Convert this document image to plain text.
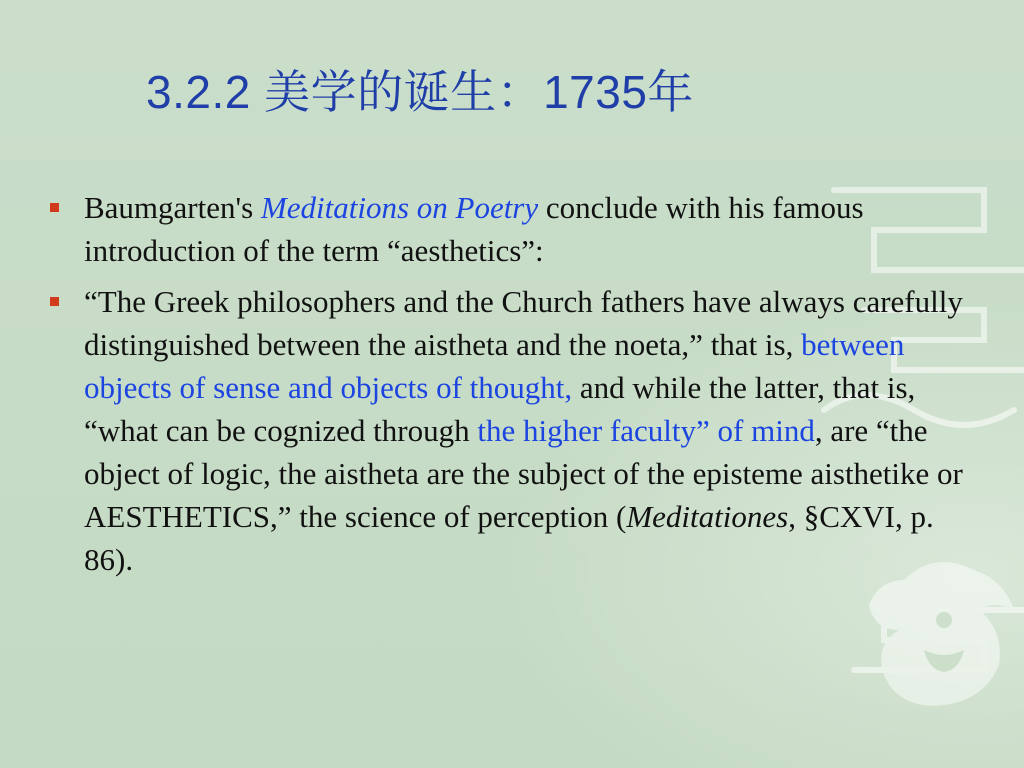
3.2.2 美学的诞生：1735年
Baumgarten's Meditations on Poetry conclude with his famous introduction of the term “aesthetics”:
“The Greek philosophers and the Church fathers have always carefully distinguished between the aistheta and the noeta,” that is, between objects of sense and objects of thought, and while the latter, that is, “what can be cognized through the higher faculty” of mind, are “the object of logic, the aistheta are the subject of the episteme aisthetike or AESTHETICS,” the science of perception (Meditationes, §CXVI, p. 86).
